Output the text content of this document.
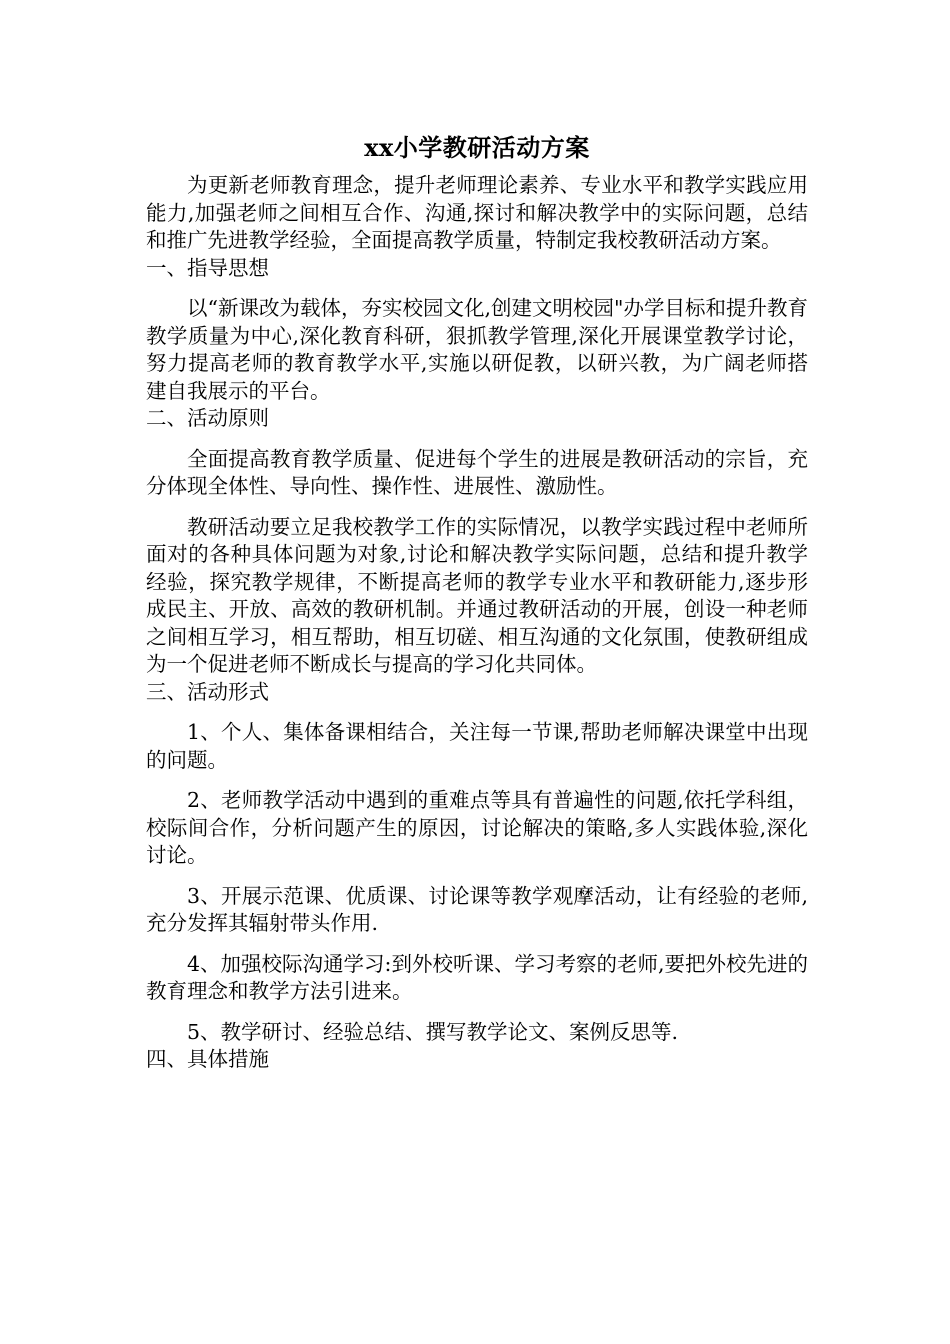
xx小学教研活动方案

为更新老师教育理念，提升老师理论素养、专业水平和教学实践应用能力,加强老师之间相互合作、沟通,探讨和解决教学中的实际问题，总结和推广先进教学经验，全面提高教学质量，特制定我校教研活动方案。

一、指导思想

以“新课改为载体，夯实校园文化,创建文明校园"办学目标和提升教育教学质量为中心,深化教育科研，狠抓教学管理,深化开展课堂教学讨论，努力提高老师的教育教学水平,实施以研促教，以研兴教，为广阔老师搭建自我展示的平台。

二、活动原则

全面提高教育教学质量、促进每个学生的进展是教研活动的宗旨，充分体现全体性、导向性、操作性、进展性、激励性。

教研活动要立足我校教学工作的实际情况，以教学实践过程中老师所面对的各种具体问题为对象,讨论和解决教学实际问题，总结和提升教学经验，探究教学规律，不断提高老师的教学专业水平和教研能力,逐步形成民主、开放、高效的教研机制。并通过教研活动的开展，创设一种老师之间相互学习，相互帮助，相互切磋、相互沟通的文化氛围，使教研组成为一个促进老师不断成长与提高的学习化共同体。

三、活动形式

1、个人、集体备课相结合，关注每一节课,帮助老师解决课堂中出现的问题。

2、老师教学活动中遇到的重难点等具有普遍性的问题,依托学科组，校际间合作，分析问题产生的原因，讨论解决的策略,多人实践体验,深化讨论。

3、开展示范课、优质课、讨论课等教学观摩活动，让有经验的老师,充分发挥其辐射带头作用.

4、加强校际沟通学习:到外校听课、学习考察的老师,要把外校先进的教育理念和教学方法引进来。

5、教学研讨、经验总结、撰写教学论文、案例反思等.

四、具体措施
